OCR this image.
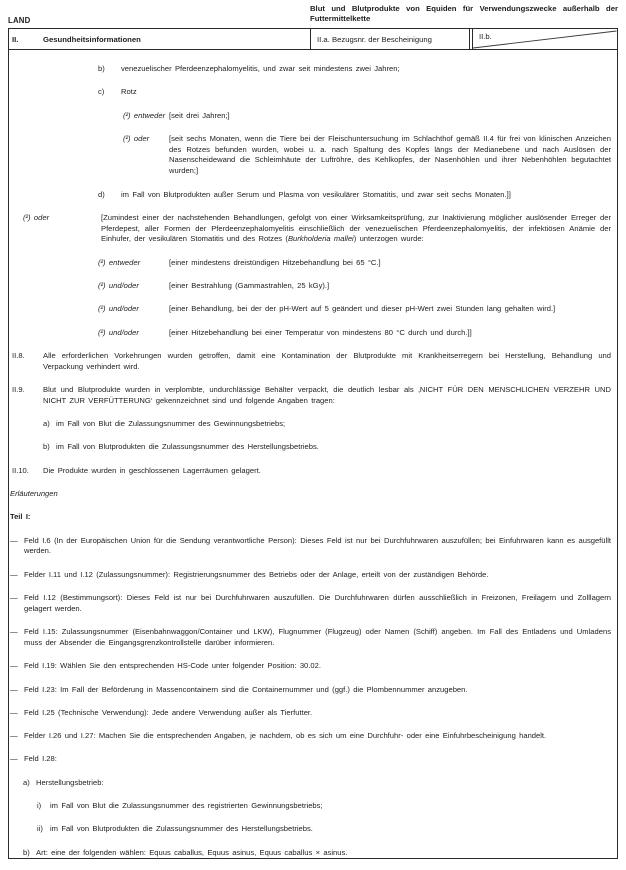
LAND
Blut und Blutprodukte von Equiden für Verwendungszwecke außerhalb der Futtermittelkette
II.	Gesundheitsinformationen	II.a. Bezugsnr. der Bescheinigung	II.b.
b) venezuelischer Pferdeenzephalomyelitis, und zwar seit mindestens zwei Jahren;
c) Rotz
(²) entweder [seit drei Jahren;]
(²) oder	[seit sechs Monaten, wenn die Tiere bei der Fleischuntersuchung im Schlachthof gemäß II.4 für frei von klinischen Anzeichen des Rotzes befunden wurden, wobei u. a. nach Spaltung des Kopfes längs der Medianebene und nach Auslösen der Nasenscheidewand die Schleimhäute der Luftröhre, des Kehlkopfes, der Nasenhöhlen und ihrer Nebenhöhlen begutachtet wurden;]
d) im Fall von Blutprodukten außer Serum und Plasma von vesikulärer Stomatitis, und zwar seit sechs Monaten.]]
(²) oder	[Zumindest einer der nachstehenden Behandlungen, gefolgt von einer Wirksamkeitsprüfung, zur Inaktivierung möglicher auslösender Erreger der Pferdepest, aller Formen der Pferdeenzephalomyelitis einschließlich der venezuelischen Pferdeenzephalomyelitis, der infektiösen Anämie der Einhufer, der vesikulären Stomatitis und des Rotzes (Burkholderia mallei) unterzogen wurde:
(²) entweder	[einer mindestens dreistündigen Hitzebehandlung bei 65 °C.]
(²) und/oder	[einer Bestrahlung (Gammastrahlen, 25 kGy).]
(²) und/oder	[einer Behandlung, bei der der pH-Wert auf 5 geändert und dieser pH-Wert zwei Stunden lang gehalten wird.]
(²) und/oder	[einer Hitzebehandlung bei einer Temperatur von mindestens 80 °C durch und durch.]]
II.8. Alle erforderlichen Vorkehrungen wurden getroffen, damit eine Kontamination der Blutprodukte mit Krankheitserregern bei Herstellung, Behandlung und Verpackung verhindert wird.
II.9. Blut und Blutprodukte wurden in verplombte, undurchlässige Behälter verpackt, die deutlich lesbar als ‚NICHT FÜR DEN MENSCHLICHEN VERZEHR UND NICHT ZUR VERFÜTTERUNG‘ gekennzeichnet sind und folgende Angaben tragen:
a) im Fall von Blut die Zulassungsnummer des Gewinnungsbetriebs;
b) im Fall von Blutprodukten die Zulassungsnummer des Herstellungsbetriebs.
II.10. Die Produkte wurden in geschlossenen Lagerräumen gelagert.
Erläuterungen
Teil I:
— Feld I.6 (In der Europäischen Union für die Sendung verantwortliche Person): Dieses Feld ist nur bei Durchfuhrwaren auszufüllen; bei Einfuhrwaren kann es ausgefüllt werden.
— Felder I.11 und I.12 (Zulassungsnummer): Registrierungsnummer des Betriebs oder der Anlage, erteilt von der zuständigen Behörde.
— Feld I.12 (Bestimmungsort): Dieses Feld ist nur bei Durchfuhrwaren auszufüllen. Die Durchfuhrwaren dürfen ausschließlich in Freizonen, Freilagern und Zolllagern gelagert werden.
— Feld I.15: Zulassungsnummer (Eisenbahnwaggon/Container und LKW), Flugnummer (Flugzeug) oder Namen (Schiff) angeben. Im Fall des Entladens und Umladens muss der Absender die Eingangsgrenzkontrollstelle darüber informieren.
— Feld I.19: Wählen Sie den entsprechenden HS-Code unter folgender Position: 30.02.
— Feld I.23: Im Fall der Beförderung in Massencontainern sind die Containernummer und (ggf.) die Plombennummer anzugeben.
— Feld I.25 (Technische Verwendung): Jede andere Verwendung außer als Tierfutter.
— Felder I.26 und I.27: Machen Sie die entsprechenden Angaben, je nachdem, ob es sich um eine Durchfuhr- oder eine Einfuhrbescheinigung handelt.
— Feld I.28:
a) Herstellungsbetrieb:
i) im Fall von Blut die Zulassungsnummer des registrierten Gewinnungsbetriebs;
ii) im Fall von Blutprodukten die Zulassungsnummer des Herstellungsbetriebs.
b) Art: eine der folgenden wählen: Equus caballus, Equus asinus, Equus caballus × asinus.
